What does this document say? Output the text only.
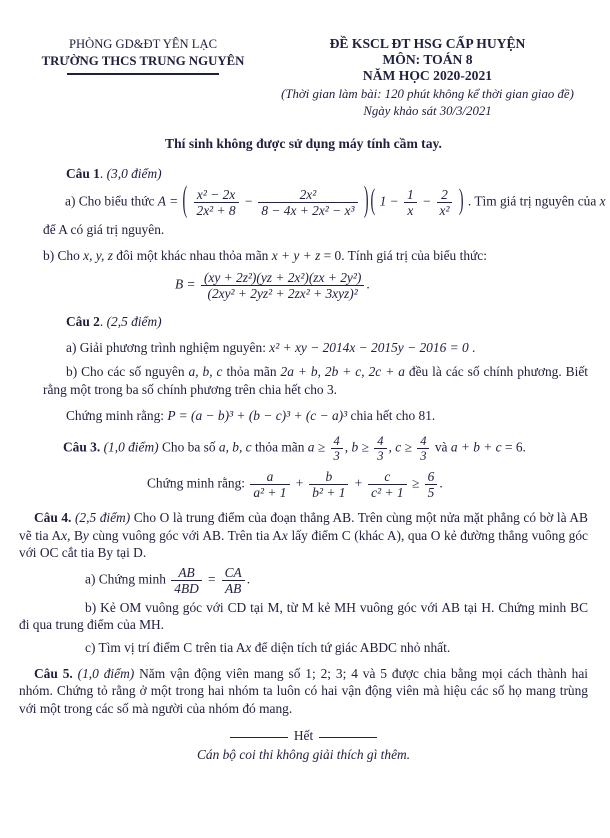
PHÒNG GD&ĐT YÊN LẠC
TRƯỜNG THCS TRUNG NGUYÊN
ĐỀ KSCL ĐT HSG CẤP HUYỆN
MÔN: TOÁN 8
NĂM HỌC 2020-2021
(Thời gian làm bài: 120 phút không kể thời gian giao đề)
Ngày khảo sát 30/3/2021
Thí sinh không được sử dụng máy tính cầm tay.

Câu 1. (3,0 điểm)

a) Cho biểu thức A = ( $\frac{\text{x² − 2x}}{\text{2x² + 8}} - \frac{\text{2x²}}{\text{8 − 4x + 2x² − x³}}$ ) ( $1 - \frac{1}{x} - \frac{2}{\text{x²}}$ ) . Tìm giá trị nguyên của x

để A có giá trị nguyên.

b) Cho x, y, z đôi một khác nhau thỏa mãn x + y + z = 0. Tính giá trị của biểu thức:

$B = \frac{\text{(xy + 2z²)(yz + 2x²)(zx + 2y²)}}{\text{(2xy² + 2yz² + 2zx² + 3xyz)²}}$ .

Câu 2. (2,5 điểm)

a) Giải phương trình nghiệm nguyên: x² + xy − 2014x − 2015y − 2016 = 0 .

b) Cho các số nguyên a, b, c thỏa mãn 2a + b, 2b + c, 2c + a đều là các số chính phương. Biết rằng một trong ba số chính phương trên chia hết cho 3.

Chứng minh rằng: P = (a − b)³ + (b − c)³ + (c − a)³ chia hết cho 81.

Câu 3. (1,0 điểm) Cho ba số a, b, c thỏa mãn $a \ge \frac{4}{3}$ , $b \ge \frac{4}{3}$ , $c \ge \frac{4}{3}$ và a + b + c = 6.
Chứng minh rằng: $\frac{a}{\text{a² + 1}} + \frac{b}{\text{b² + 1}} + \frac{c}{\text{c² + 1}} \ge \frac{6}{5}$ .

Câu 4. (2,5 điểm) Cho O là trung điểm của đoạn thẳng AB. Trên cùng một nửa mặt phẳng có bờ là AB vẽ tia Ax, By cùng vuông góc với AB. Trên tia Ax lấy điểm C (khác A), qua O kẻ đường thẳng vuông góc với OC cắt tia By tại D.

a) Chứng minh $\frac{AB}{4BD} = \frac{CA}{AB}$ .

b) Kẻ OM vuông góc với CD tại M, từ M kẻ MH vuông góc với AB tại H. Chứng minh BC đi qua trung điểm của MH.

c) Tìm vị trí điểm C trên tia Ax để diện tích tứ giác ABDC nhỏ nhất.

Câu 5. (1,0 điểm) Năm vận động viên mang số 1; 2; 3; 4 và 5 được chia bằng mọi cách thành hai nhóm. Chứng tỏ rằng ở một trong hai nhóm ta luôn có hai vận động viên mà hiệu các số họ mang trùng với một trong các số mà người của nhóm đó mang.

Hết
Cán bộ coi thi không giải thích gì thêm.
